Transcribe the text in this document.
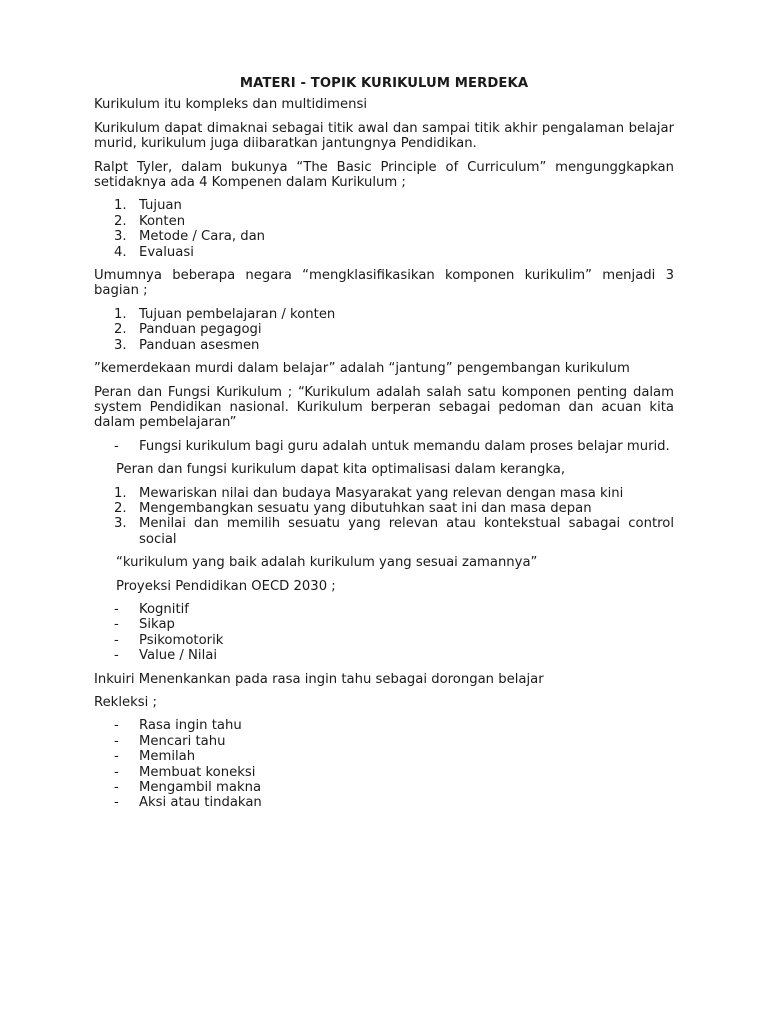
MATERI - TOPIK KURIKULUM MERDEKA

Kurikulum itu kompleks dan multidimensi

Kurikulum dapat dimaknai sebagai titik awal dan sampai titik akhir pengalaman belajar murid, kurikulum juga diibaratkan jantungnya Pendidikan.

Ralpt Tyler, dalam bukunya “The Basic Principle of Curriculum” mengunggkapkan setidaknya ada 4 Kompenen dalam Kurikulum ;

1. Tujuan
2. Konten
3. Metode / Cara, dan
4. Evaluasi

Umumnya beberapa negara “mengklasifikasikan komponen kurikulim” menjadi 3 bagian ;

1. Tujuan pembelajaran / konten
2. Panduan pegagogi
3. Panduan asesmen

”kemerdekaan murdi dalam belajar” adalah “jantung” pengembangan kurikulum

Peran dan Fungsi Kurikulum ; “Kurikulum adalah salah satu komponen penting dalam system Pendidikan nasional. Kurikulum berperan sebagai pedoman dan acuan kita dalam pembelajaran”

- Fungsi kurikulum bagi guru adalah untuk memandu dalam proses belajar murid.

Peran dan fungsi kurikulum dapat kita optimalisasi dalam kerangka,

1. Mewariskan nilai dan budaya Masyarakat yang relevan dengan masa kini
2. Mengembangkan sesuatu yang dibutuhkan saat ini dan masa depan
3. Menilai dan memilih sesuatu yang relevan atau kontekstual sabagai control social

“kurikulum yang baik adalah kurikulum yang sesuai zamannya”

Proyeksi Pendidikan OECD 2030 ;

- Kognitif
- Sikap
- Psikomotorik
- Value / Nilai

Inkuiri Menenkankan pada rasa ingin tahu sebagai dorongan belajar

Rekleksi ;

- Rasa ingin tahu
- Mencari tahu
- Memilah
- Membuat koneksi
- Mengambil makna
- Aksi atau tindakan
